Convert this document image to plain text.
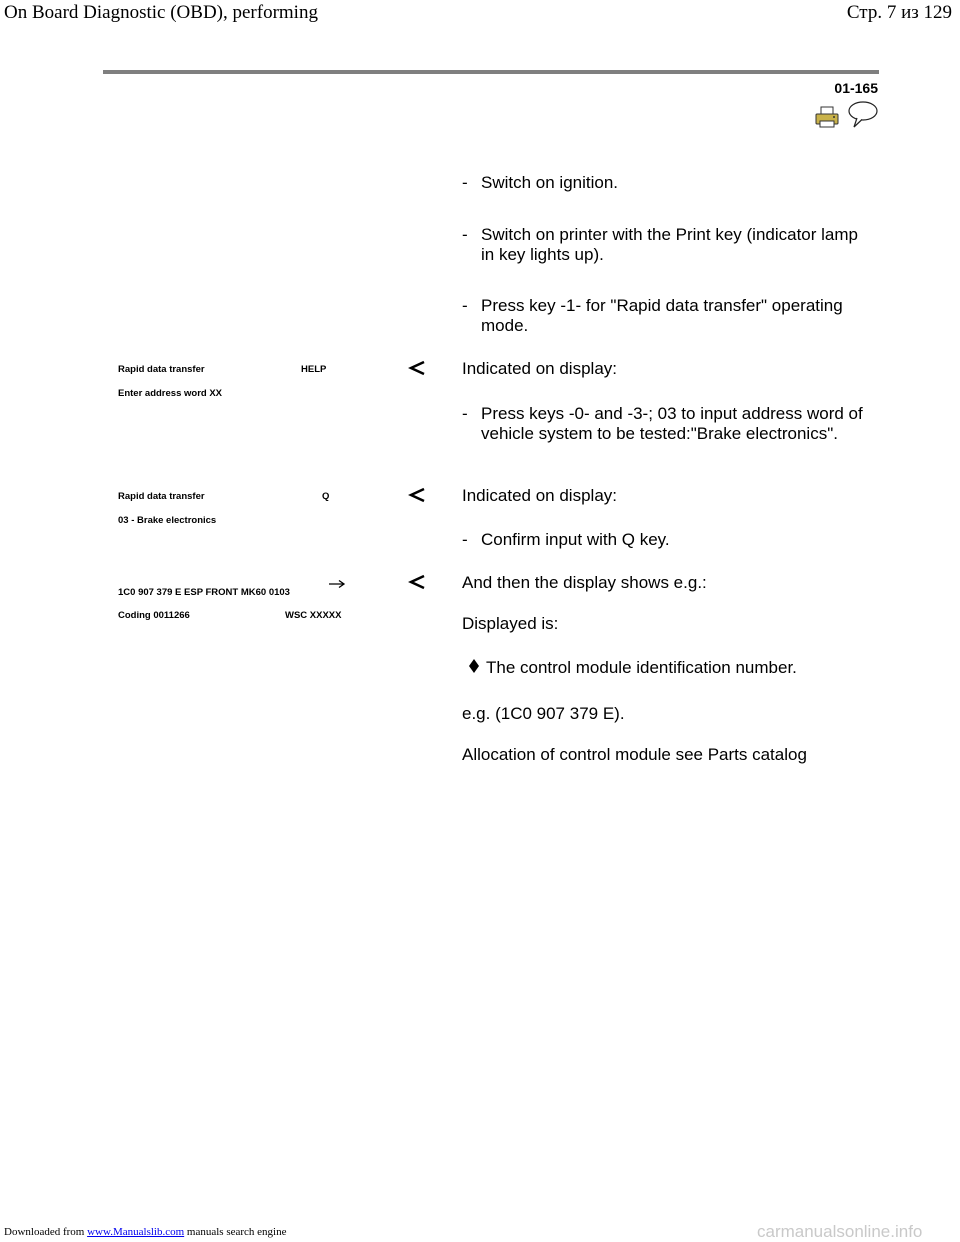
On Board Diagnostic (OBD), performing	Стр. 7 из 129
01-165
- Switch on ignition.
- Switch on printer with the Print key (indicator lamp in key lights up).
- Press key -1- for "Rapid data transfer" operating mode.
Rapid data transfer	HELP
Enter address word XX
Indicated on display:
- Press keys -0- and -3-; 03 to input address word of vehicle system to be tested:"Brake electronics".
Rapid data transfer	Q
03 - Brake electronics
Indicated on display:
- Confirm input with Q key.
1C0 907 379 E ESP FRONT MK60 0103
Coding 0011266	WSC XXXXX
And then the display shows e.g.:
Displayed is:
The control module identification number.
e.g. (1C0 907 379 E).
Allocation of control module see Parts catalog
Downloaded from www.Manualslib.com manuals search engine	carmanualsonline.info
